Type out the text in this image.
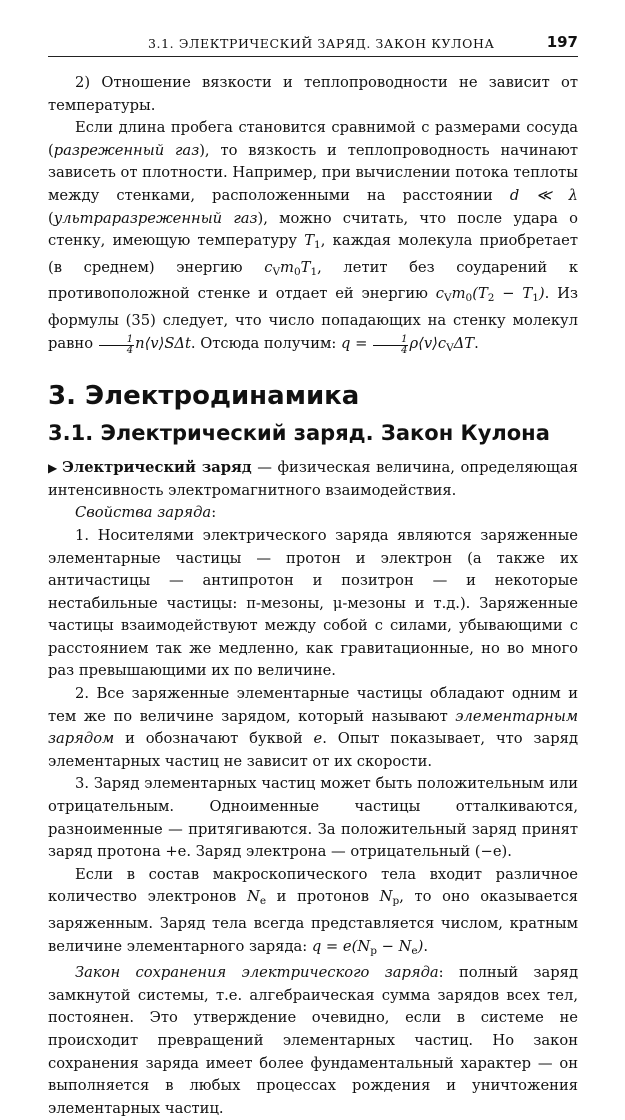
3.1. ЭЛЕКТРИЧЕСКИЙ ЗАРЯД. ЗАКОН КУЛОНА	197

2) Отношение вязкости и теплопроводности не зависит от температуры.

Если длина пробега становится сравнимой с размерами сосуда (разреженный газ), то вязкость и теплопроводность начинают зависеть от плотности. Например, при вычислении потока теплоты между стенками, расположенными на расстоянии d ≪ λ (ультраразреженный газ), можно считать, что после удара о стенку, имеющую температуру $T_1$, каждая молекула приобретает (в среднем) энергию $c_Vm_0T_1$, летит без соударений к противоположной стенке и отдает ей энергию $c_Vm_0(T_2 - T_1)$. Из формулы (35) следует, что число попадающих на стенку молекул равно $\frac{1}{4}$ n⟨v⟩SΔt. Отсюда получим: $q = \frac{1}{4}$ $\rho⟨v⟩c_V\Delta T$.

3. Электродинамика
3.1. Электрический заряд. Закон Кулона

▶ Электрический заряд — физическая величина, определяющая интенсивность электромагнитного взаимодействия.

Свойства заряда:

1. Носителями электрического заряда являются заряженные элементарные частицы — протон и электрон (а также их античастицы — антипротон и позитрон — и некоторые нестабильные частицы: π-мезоны, μ-мезоны и т.д.). Заряженные частицы взаимодействуют между собой с силами, убывающими с расстоянием так же медленно, как гравитационные, но во много раз превышающими их по величине.

2. Все заряженные элементарные частицы обладают одним и тем же по величине зарядом, который называют элементарным зарядом и обозначают буквой e. Опыт показывает, что заряд элементарных частиц не зависит от их скорости.

3. Заряд элементарных частиц может быть положительным или отрицательным. Одноименные частицы отталкиваются, разноименные — притягиваются. За положительный заряд принят заряд протона +e. Заряд электрона — отрицательный (−e).

Если в состав макроскопического тела входит различное количество электронов $N_e$ и протонов $N_p$, то оно оказывается заряженным. Заряд тела всегда представляется числом, кратным величине элементарного заряда: $q = e(N_p - N_e)$.

Закон сохранения электрического заряда: полный заряд замкнутой системы, т.е. алгебраическая сумма зарядов всех тел, постоянен. Это утверждение очевидно, если в системе не происходит превращений элементарных частиц. Но закон сохранения заряда имеет более фундаментальный характер — он выполняется в любых процессах рождения и уничтожения элементарных частиц.
